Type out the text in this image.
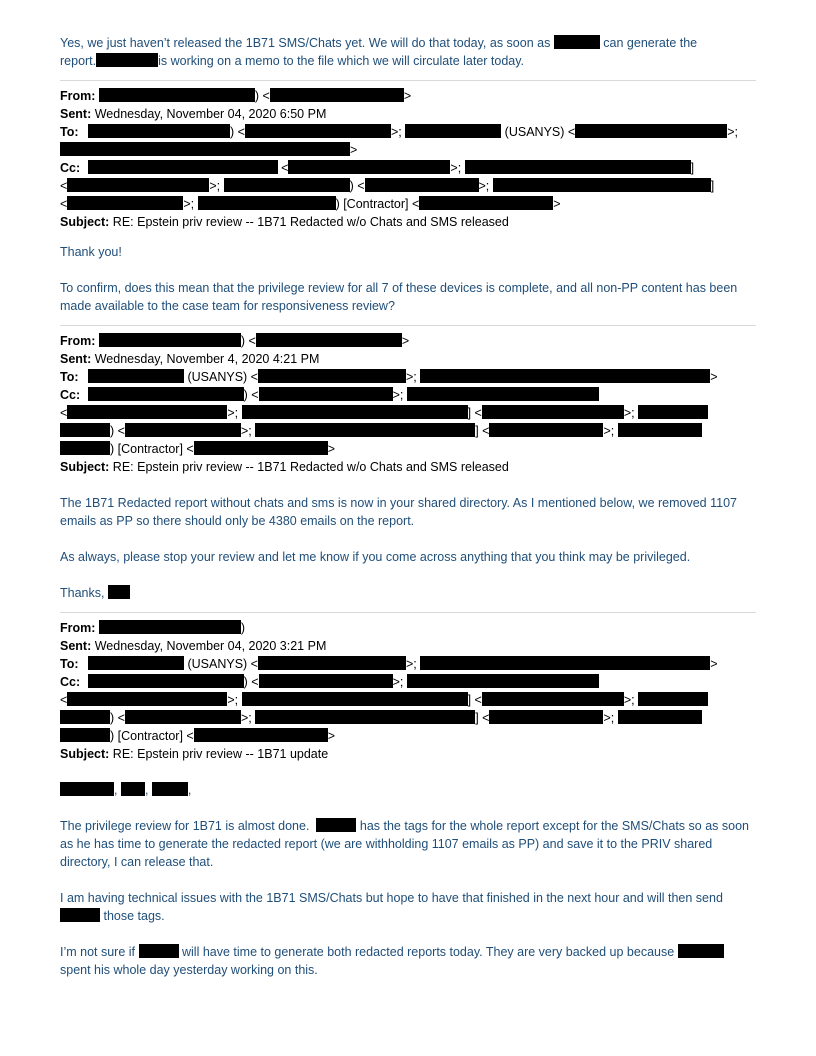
Yes, we just haven’t released the 1B71 SMS/Chats yet. We will do that today, as soon as	can generate the

report.	is working on a memo to the file which we will circulate later today.

From:	) <	>

Sent: Wednesday, November 04, 2020 6:50 PM

To:	) <	>;	(USANYS) <	>;

>

Cc:	<	>;	]

<	>;	) <	>;	]

<	>;	) [Contractor] <	>

Subject: RE: Epstein priv review -- 1B71 Redacted w/o Chats and SMS released

Thank you!

To confirm, does this mean that the privilege review for all 7 of these devices is complete, and all non-PP content has been made available to the case team for responsiveness review?

From:	) <	>

Sent: Wednesday, November 4, 2020 4:21 PM

To:	(USANYS) <	>;	>

Cc:	) <	>;

<	>;	] <	>;

) <	>;	] <	>;

) [Contractor] <	>

Subject: RE: Epstein priv review -- 1B71 Redacted w/o Chats and SMS released

The 1B71 Redacted report without chats and sms is now in your shared directory. As I mentioned below, we removed 1107 emails as PP so there should only be 4380 emails on the report.

As always, please stop your review and let me know if you come across anything that you think may be privileged.

Thanks,

From:	)

Sent: Wednesday, November 04, 2020 3:21 PM

To:	(USANYS) <	>;	>

Cc:	) <	>;

<	>;	] <	>;

) <	>;	] <	>;

) [Contractor] <	>

Subject: RE: Epstein priv review -- 1B71 update

, ,	,

The privilege review for 1B71 is almost done.	has the tags for the whole report except for the SMS/Chats so as soon as he has time to generate the redacted report (we are withholding 1107 emails as PP) and save it to the PRIV shared directory, I can release that.

I am having technical issues with the 1B71 SMS/Chats but hope to have that finished in the next hour and will then send  those tags.

I’m not sure if	will have time to generate both redacted reports today. They are very backed up because  spent his whole day yesterday working on this.
